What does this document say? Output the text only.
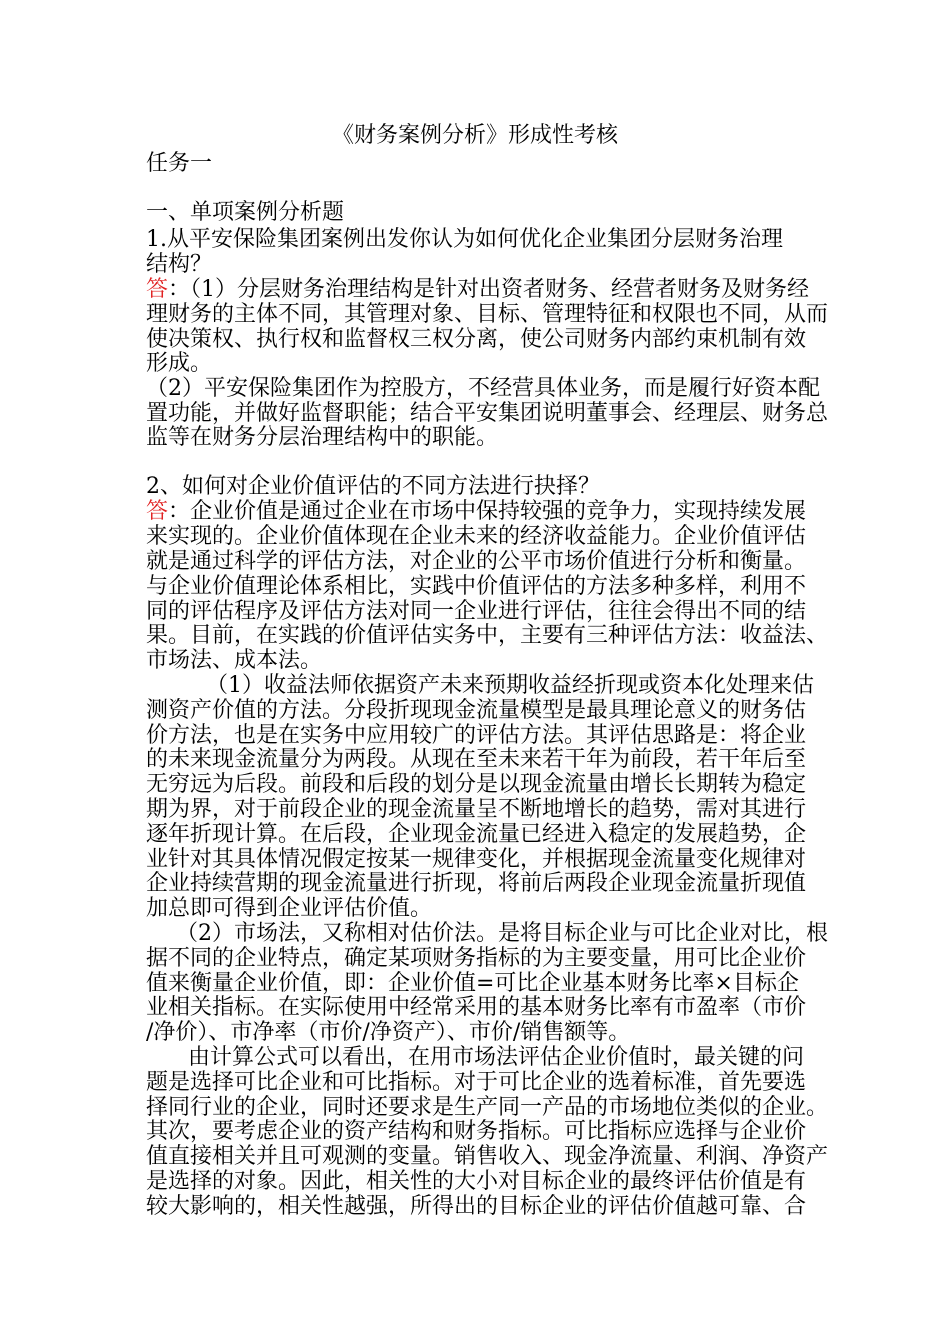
《财务案例分析》形成性考核
任务一
一、单项案例分析题
1.从平安保险集团案例出发你认为如何优化企业集团分层财务治理
结构？
答：（1）分层财务治理结构是针对出资者财务、经营者财务及财务经
理财务的主体不同，其管理对象、目标、管理特征和权限也不同，从而
使决策权、执行权和监督权三权分离，使公司财务内部约束机制有效
形成。
（2）平安保险集团作为控股方，不经营具体业务，而是履行好资本配
置功能，并做好监督职能；结合平安集团说明董事会、经理层、财务总
监等在财务分层治理结构中的职能。
2、如何对企业价值评估的不同方法进行抉择？
答：企业价值是通过企业在市场中保持较强的竞争力，实现持续发展
来实现的。企业价值体现在企业未来的经济收益能力。企业价值评估
就是通过科学的评估方法，对企业的公平市场价值进行分析和衡量。
与企业价值理论体系相比，实践中价值评估的方法多种多样，利用不
同的评估程序及评估方法对同一企业进行评估，往往会得出不同的结
果。目前，在实践的价值评估实务中，主要有三种评估方法：收益法、
市场法、成本法。
（1）收益法师依据资产未来预期收益经折现或资本化处理来估
测资产价值的方法。分段折现现金流量模型是最具理论意义的财务估
价方法，也是在实务中应用较广的评估方法。其评估思路是：将企业
的未来现金流量分为两段。从现在至未来若干年为前段，若干年后至
无穷远为后段。前段和后段的划分是以现金流量由增长长期转为稳定
期为界，对于前段企业的现金流量呈不断地增长的趋势，需对其进行
逐年折现计算。在后段，企业现金流量已经进入稳定的发展趋势，企
业针对其具体情况假定按某一规律变化，并根据现金流量变化规律对
企业持续营期的现金流量进行折现，将前后两段企业现金流量折现值
加总即可得到企业评估价值。
（2）市场法，又称相对估价法。是将目标企业与可比企业对比，根
据不同的企业特点，确定某项财务指标的为主要变量，用可比企业价
值来衡量企业价值，即：企业价值=可比企业基本财务比率×目标企
业相关指标。在实际使用中经常采用的基本财务比率有市盈率（市价
/净价）、市净率（市价/净资产）、市价/销售额等。
由计算公式可以看出，在用市场法评估企业价值时，最关键的问
题是选择可比企业和可比指标。对于可比企业的选着标准，首先要选
择同行业的企业，同时还要求是生产同一产品的市场地位类似的企业。
其次，要考虑企业的资产结构和财务指标。可比指标应选择与企业价
值直接相关并且可观测的变量。销售收入、现金净流量、利润、净资产
是选择的对象。因此，相关性的大小对目标企业的最终评估价值是有
较大影响的，相关性越强，所得出的目标企业的评估价值越可靠、合
